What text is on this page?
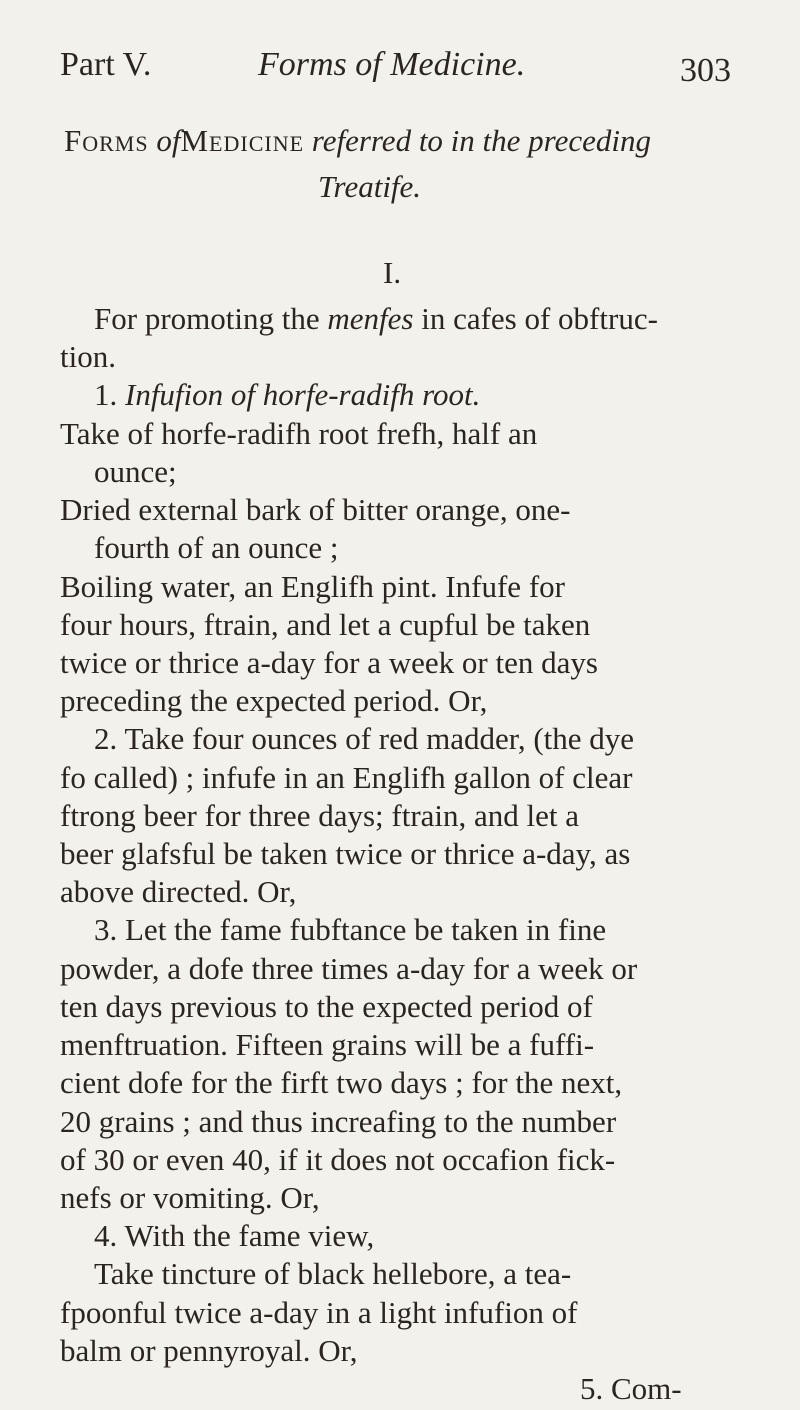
Part V.	Forms of Medicine.	303
Forms ofMedicine referred to in the preceding
Treatife.
I.
For promoting the menfes in cafes of obftruc-
tion.
1. Infufion of horfe-radifh root.
Take of horfe-radifh root frefh, half an
ounce;
Dried external bark of bitter orange, one-
fourth of an ounce ;
Boiling water, an Englifh pint. Infufe for
four hours, ftrain, and let a cupful be taken
twice or thrice a-day for a week or ten days
preceding the expected period. Or,
2. Take four ounces of red madder, (the dye
fo called) ; infufe in an Englifh gallon of clear
ftrong beer for three days; ftrain, and let a
beer glafsful be taken twice or thrice a-day, as
above directed. Or,
3. Let the fame fubftance be taken in fine
powder, a dofe three times a-day for a week or
ten days previous to the expected period of
menftruation. Fifteen grains will be a fuffi-
cient dofe for the firft two days ; for the next,
20 grains ; and thus increafing to the number
of 30 or even 40, if it does not occafion fick-
nefs or vomiting. Or,
4. With the fame view,
Take tincture of black hellebore, a tea-
fpoonful twice a-day in a light infufion of
balm or pennyroyal. Or,
5. Com-
